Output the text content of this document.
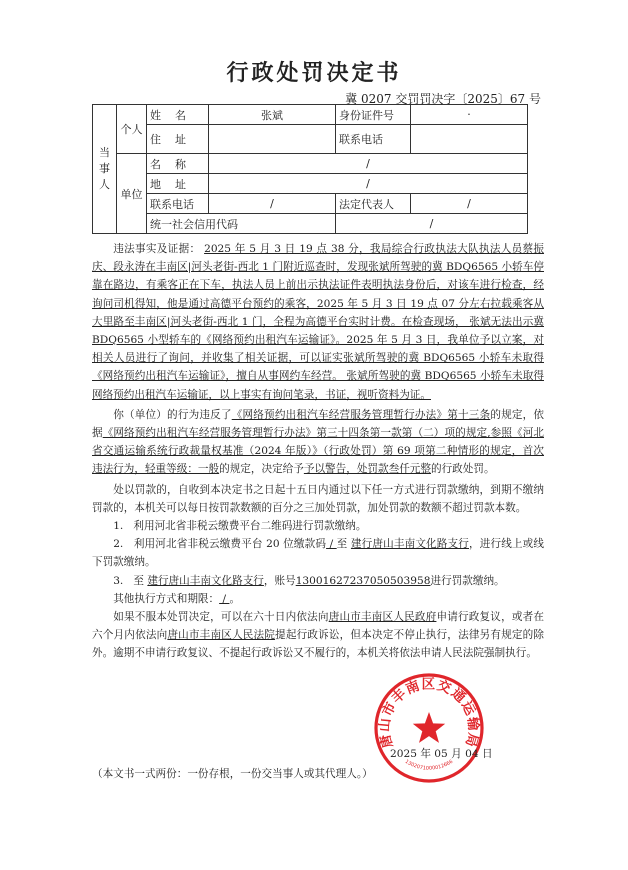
行政处罚决定书
冀 0207 交罚罚决字〔2025〕67 号
当事
人	个人	姓    名	张斌	身份证件号	·
		住    址		联系电话	
	单位	名    称	/		
		地    址	/		
		联系电话	/	法定代表人	/
		统一社会信用代码		/	

违法事实及证据： 2025 年 5 月 3 日 19 点 38 分，我局综合行政执法大队执法人员蔡振庆、段永涛在丰南区|河头老街-西北 1 门附近巡查时，发现张斌所驾驶的冀 BDQ6565 小轿车停靠在路边，有乘客正在下车，执法人员上前出示执法证件表明执法身份后，对该车进行检查，经询问司机得知，他是通过高德平台预约的乘客，2025 年 5 月 3 日 19 点 07 分左右拉载乘客从大里路至丰南区|河头老街-西北 1 门，全程为高德平台实时计费。在检查现场， 张斌无法出示冀 BDQ6565 小型轿车的《网络预约出租汽车运输证》。2025 年 5 月 3 日，我单位予以立案，对相关人员进行了询问，并收集了相关证据，可以证实张斌所驾驶的冀 BDQ6565 小轿车未取得《网络预约出租汽车运输证》，擅自从事网约车经营。 张斌所驾驶的冀 BDQ6565 小轿车未取得网络预约出租汽车运输证，以上事实有询问笔录，书证，视听资料为证。

你（单位）的行为违反了《网络预约出租汽车经营服务管理暂行办法》第十三条的规定，依据《网络预约出租汽车经营服务管理暂行办法》第三十四条第一款第（二）项的规定,参照《河北省交通运输系统行政裁量权基准（2024 年版）》（行政处罚）第 69 项第二种情形的规定，首次违法行为，轻重等级：一般的规定，决定给予予以警告，处罚款叁仟元整的行政处罚。

处以罚款的，自收到本决定书之日起十五日内通过以下任一方式进行罚款缴纳，到期不缴纳罚款的，本机关可以每日按罚款数额的百分之三加处罚款，加处罚款的数额不超过罚款本数。

1.   利用河北省非税云缴费平台二维码进行罚款缴纳。

2.   利用河北省非税云缴费平台 20 位缴款码 / 至 建行唐山丰南文化路支行，进行线上或线下罚款缴纳。

3.   至 建行唐山丰南文化路支行，账号13001627237050503958进行罚款缴纳。

其他执行方式和期限： / 。

如果不服本处罚决定，可以在六十日内依法向唐山市丰南区人民政府申请行政复议，或者在六个月内依法向唐山市丰南区人民法院提起行政诉讼，但本决定不停止执行，法律另有规定的除外。逾期不申请行政复议、不提起行政诉讼又不履行的，本机关将依法申请人民法院强制执行。

唐山市丰南区交通运输局
1302071000012666
2025 年 05 月 04 日
（本文书一式两份：一份存根，一份交当事人或其代理人。）
